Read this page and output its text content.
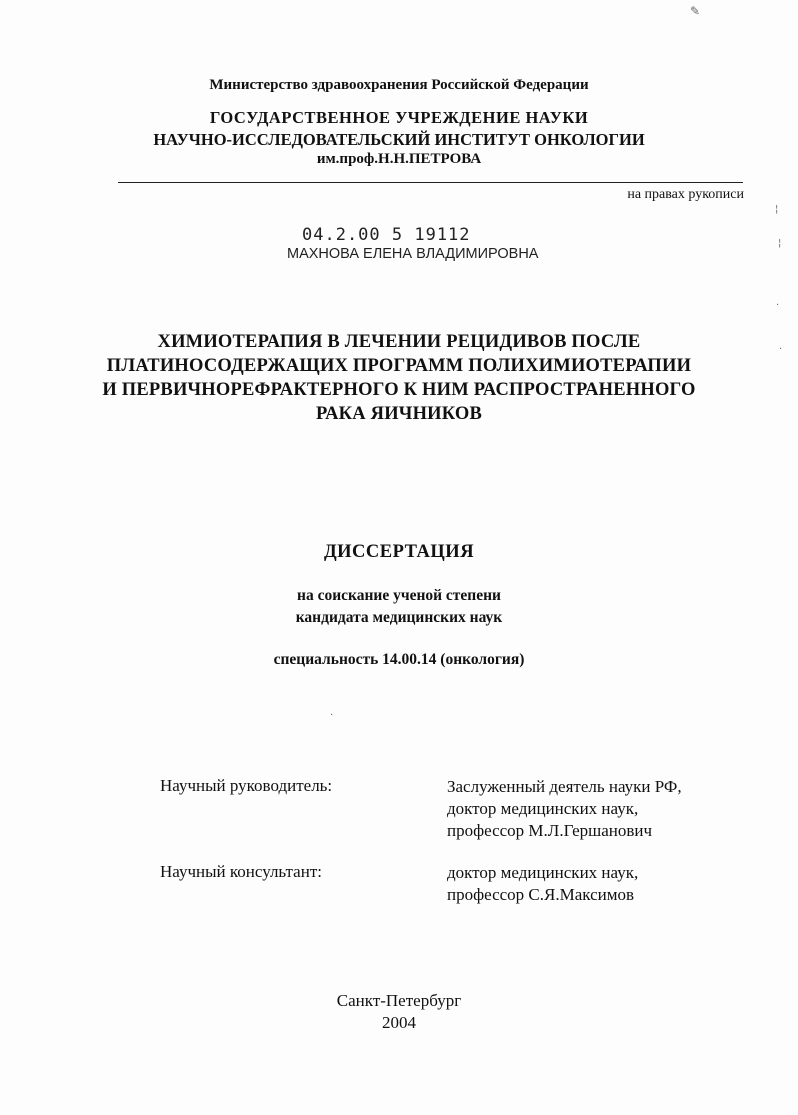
Министерство здравоохранения Российской Федерации
ГОСУДАРСТВЕННОЕ УЧРЕЖДЕНИЕ НАУКИ
НАУЧНО-ИССЛЕДОВАТЕЛЬСКИЙ ИНСТИТУТ ОНКОЛОГИИ
им.проф.Н.Н.ПЕТРОВА
на правах рукописи
04.2.00 5 19112
МАХНОВА ЕЛЕНА ВЛАДИМИРОВНА
ХИМИОТЕРАПИЯ В ЛЕЧЕНИИ РЕЦИДИВОВ ПОСЛЕ
ПЛАТИНОСОДЕРЖАЩИХ ПРОГРАММ ПОЛИХИМИОТЕРАПИИ
И ПЕРВИЧНОРЕФРАКТЕРНОГО К НИМ РАСПРОСТРАНЕННОГО
РАКА ЯИЧНИКОВ
ДИССЕРТАЦИЯ
на соискание ученой степени
кандидата медицинских наук
специальность 14.00.14 (онкология)
Научный руководитель:	Заслуженный деятель науки РФ,
доктор медицинских наук,
профессор М.Л.Гершанович
Научный консультант:	доктор медицинских наук,
профессор С.Я.Максимов
Санкт-Петербург
2004
✎
¦
¦
·
·
·
